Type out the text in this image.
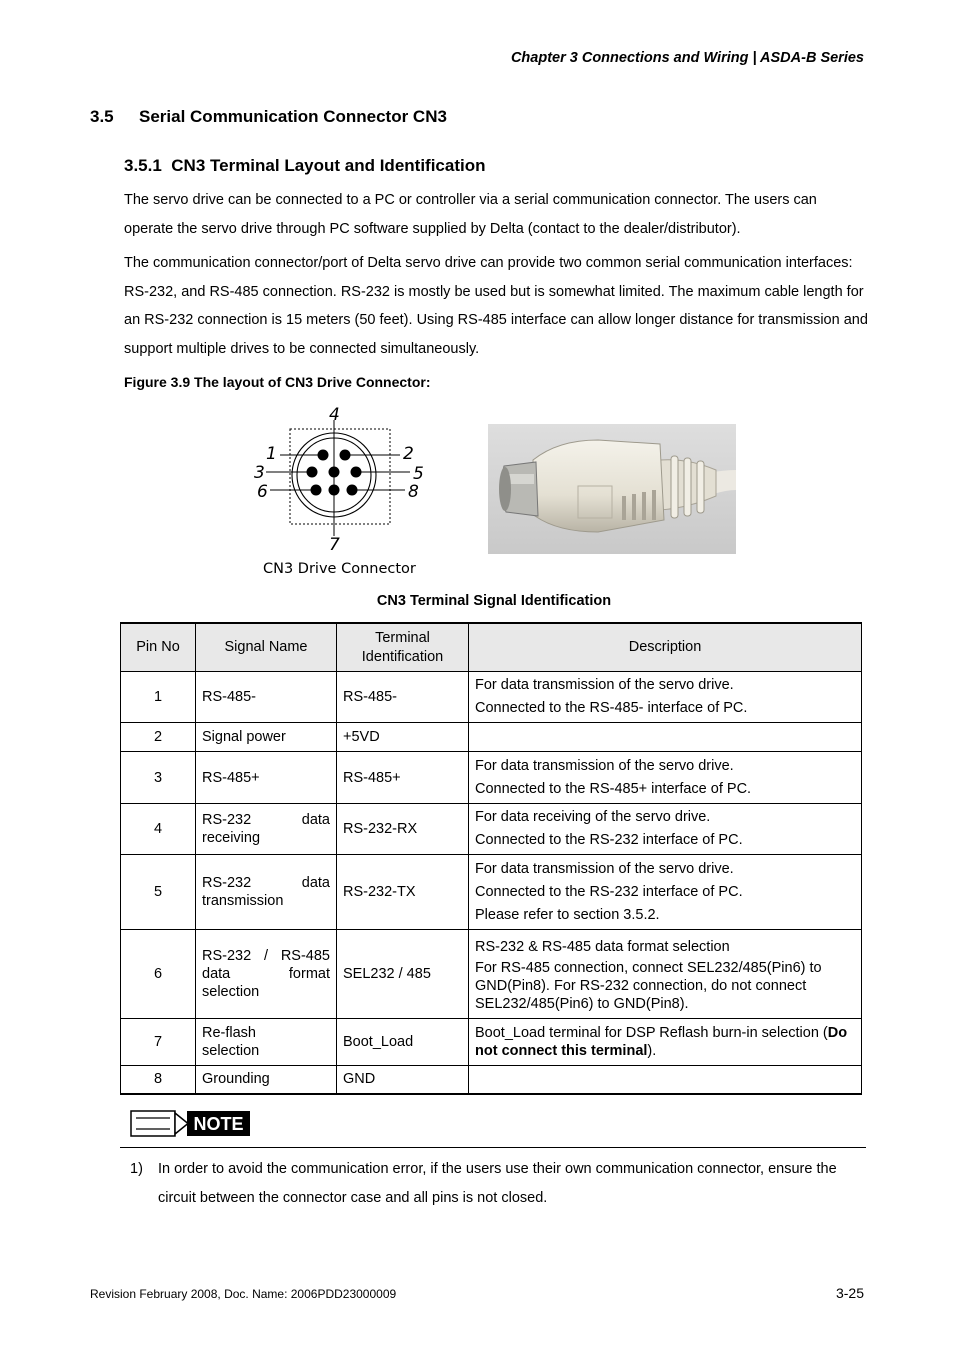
Chapter 3 Connections and Wiring | ASDA-B Series
3.5 Serial Communication Connector CN3
3.5.1 CN3 Terminal Layout and Identification
The servo drive can be connected to a PC or controller via a serial communication connector. The users can operate the servo drive through PC software supplied by Delta (contact to the dealer/distributor).
The communication connector/port of Delta servo drive can provide two common serial communication interfaces: RS-232, and RS-485 connection. RS-232 is mostly be used but is somewhat limited. The maximum cable length for an RS-232 connection is 15 meters (50 feet). Using RS-485 interface can allow longer distance for transmission and support multiple drives to be connected simultaneously.
Figure 3.9 The layout of CN3 Drive Connector:
4
1	2
3	5
6	8
7
CN3 Drive Connector
CN3 Terminal Signal Identification
Pin No	Signal Name	Terminal Identification	Description
1	RS-485-	RS-485-	For data transmission of the servo drive.
Connected to the RS-485- interface of PC.

2	Signal power	+5VD	
3	RS-485+	RS-485+	For data transmission of the servo drive.
Connected to the RS-485+ interface of PC.

4	RS-232 data receiving	RS-232-RX	For data receiving of the servo drive.
Connected to the RS-232 interface of PC.

5	RS-232 data transmission	RS-232-TX	For data transmission of the servo drive.
Connected to the RS-232 interface of PC.
Please refer to section 3.5.2.

6	RS-232 / RS-485 data format selection	SEL232 / 485	RS-232 & RS-485 data format selection
For RS-485 connection, connect SEL232/485(Pin6) to GND(Pin8). For RS-232 connection, do not connect SEL232/485(Pin6) to GND(Pin8).

7	Re-flash selection	Boot_Load	Boot_Load terminal for DSP Reflash burn-in selection (Do not connect this terminal).

8	Grounding	GND	
NOTE
1) In order to avoid the communication error, if the users use their own communication connector, ensure the circuit between the connector case and all pins is not closed.
Revision February 2008, Doc. Name: 2006PDD23000009	3-25
